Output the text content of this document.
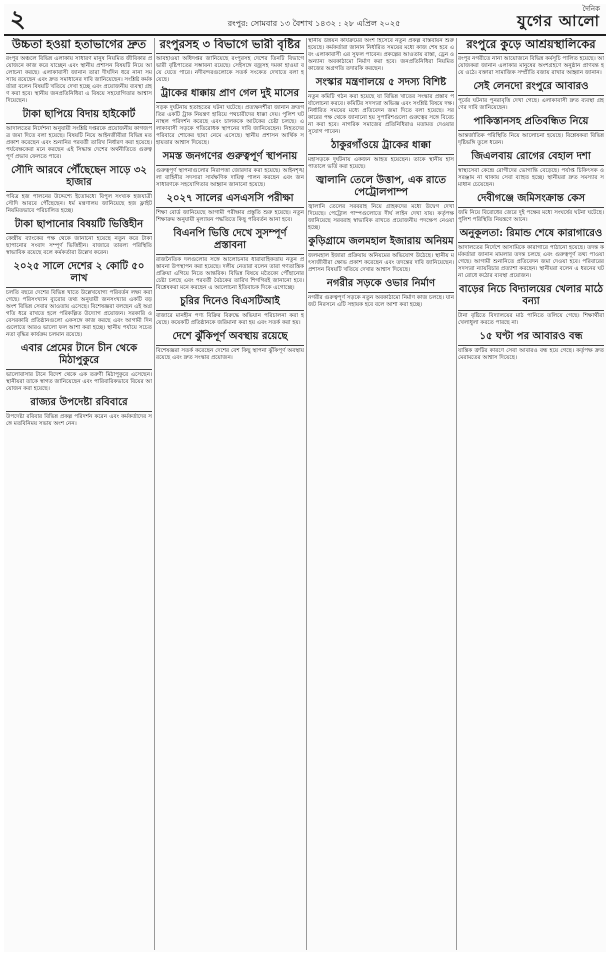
২	রংপুর: সোমবার ১৩ বৈশাখ ১৪৩২ : ২৮ এপ্রিল ২০২৫
দৈনিক
যুগের আলো
উচ্চতা হওয়া হতাভাগের দ্রুত
রংপুর অঞ্চলে বিভিন্ন এলাকায় সাধারণ মানুষ নিয়মিত জীবিকার প্রয়োজনে কাজ করে যাচ্ছেন এবং স্থানীয় প্রশাসন বিষয়টি নিয়ে আলোচনা করছে। এলাকাবাসী জানান তারা দীর্ঘদিন ধরে নানা সমস্যায় রয়েছেন এবং দ্রুত সমাধানের দাবি জানিয়েছেন। সংশ্লিষ্ট কর্মকর্তারা বলেন বিষয়টি খতিয়ে দেখা হচ্ছে এবং প্রয়োজনীয় ব্যবস্থা গ্রহণ করা হবে। স্থানীয় জনপ্রতিনিধিরা এ বিষয়ে সহযোগিতার আশ্বাস দিয়েছেন।
টাকা ছাপিয়ে বিদায় হাইকোর্ট
আদালতের নির্দেশনা অনুযায়ী সংশ্লিষ্ট দপ্তরকে প্রয়োজনীয় কাগজপত্র জমা দিতে বলা হয়েছে। বিষয়টি নিয়ে আইনজীবীরা বিভিন্ন মত প্রকাশ করেছেন এবং শুনানির পরবর্তী তারিখ নির্ধারণ করা হয়েছে। পর্যবেক্ষকেরা মনে করছেন এই সিদ্ধান্ত দেশের অর্থনীতিতে গুরুত্বপূর্ণ প্রভাব ফেলতে পারে।
সৌদি আরবে পৌঁছেছেন সাড়ে ৩২ হাজার
পবিত্র হজ পালনের উদ্দেশ্যে ইতোমধ্যে বিপুল সংখ্যক হজযাত্রী সৌদি আরবে পৌঁছেছেন। ধর্ম মন্ত্রণালয় জানিয়েছে হজ ফ্লাইট নিয়মিতভাবে পরিচালিত হচ্ছে।
টাকা ছাপানোর বিষয়টি ভিত্তিহীন
কেন্দ্রীয় ব্যাংকের পক্ষ থেকে জানানো হয়েছে নতুন করে টাকা ছাপানোর সংবাদ সম্পূর্ণ ভিত্তিহীন। বাজারে তারল্য পরিস্থিতি স্বাভাবিক রয়েছে বলে কর্মকর্তারা উল্লেখ করেন।
২০২৫ সালে দেশের ২ কোটি ৫০ লাখ
চলতি বছরে দেশের বিভিন্ন খাতে উল্লেখযোগ্য পরিবর্তন লক্ষ্য করা গেছে। পরিসংখ্যান ব্যুরোর তথ্য অনুযায়ী জনসংখ্যার একটি বড় অংশ বিভিন্ন সেবার আওতায় এসেছে। বিশেষজ্ঞরা বলছেন এই অগ্রগতি ধরে রাখতে হলে পরিকল্পিত উদ্যোগ প্রয়োজন। সরকারি ও বেসরকারি প্রতিষ্ঠানগুলো একসঙ্গে কাজ করছে এবং আগামী দিনগুলোতে আরও ভালো ফল আশা করা হচ্ছে। স্থানীয় পর্যায়ে সচেতনতা বৃদ্ধির কার্যক্রম চলমান রয়েছে।
এবার প্রেমের টানে চীন থেকে মিঠাপুকুরে
ভালোবাসার টানে বিদেশ থেকে এক তরুণী মিঠাপুকুরে এসেছেন। স্থানীয়রা তাকে স্বাগত জানিয়েছেন এবং পারিবারিকভাবে বিয়ের আয়োজন করা হয়েছে।
রাজ্যর উপদেষ্টা রবিবারে
উপদেষ্টা রবিবার বিভিন্ন প্রকল্প পরিদর্শন করেন এবং কর্মকর্তাদের সঙ্গে মতবিনিময় সভায় অংশ নেন।
রংপুরসহ ৩ বিভাগে ভারী বৃষ্টির
আবহাওয়া অধিদপ্তর জানিয়েছে রংপুরসহ দেশের তিনটি বিভাগে ভারী বৃষ্টিপাতের সম্ভাবনা রয়েছে। সেইসঙ্গে বজ্রসহ দমকা হাওয়া বয়ে যেতে পারে। নদীবন্দরগুলোকে সতর্ক সংকেত দেখাতে বলা হয়েছে।
ট্রাকের ধাক্কায় প্রাণ গেল দুই মাসের
সড়ক দুর্ঘটনায় হতাহতের ঘটনা ঘটেছে। প্রত্যক্ষদর্শীরা জানান দ্রুতগতির একটি ট্রাক নিয়ন্ত্রণ হারিয়ে পথচারীদের ধাক্কা দেয়। পুলিশ ঘটনাস্থল পরিদর্শন করেছে এবং চালককে আটকের চেষ্টা চলছে। এলাকাবাসী সড়কে গতিরোধক স্থাপনের দাবি জানিয়েছেন। নিহতদের পরিবারে শোকের ছায়া নেমে এসেছে। স্থানীয় প্রশাসন আর্থিক সহায়তার আশ্বাস দিয়েছে।
সমস্ত জনগণের গুরুত্বপূর্ণ স্থাপনায়
গুরুত্বপূর্ণ স্থাপনাগুলোর নিরাপত্তা জোরদার করা হয়েছে। আইনশৃঙ্খলা বাহিনীর সদস্যরা সার্বক্ষণিক দায়িত্ব পালন করছেন এবং জনসাধারণকে সহযোগিতার আহ্বান জানানো হয়েছে।
২০২৭ সালের এসএসসি পরীক্ষা
শিক্ষা বোর্ড জানিয়েছে আগামী পরীক্ষার প্রস্তুতি শুরু হয়েছে। নতুন শিক্ষাক্রম অনুযায়ী মূল্যায়ন পদ্ধতিতে কিছু পরিবর্তন আনা হবে।
বিএনপি ভিত্তি দেখে সুসম্পূর্ণ প্রস্তাবনা
রাজনৈতিক দলগুলোর সঙ্গে আলোচনার ধারাবাহিকতায় নতুন প্রস্তাবনা উপস্থাপন করা হয়েছে। দলীয় নেতারা বলেন তারা গণতান্ত্রিক প্রক্রিয়া এগিয়ে নিতে আন্তরিক। বিভিন্ন বিষয়ে মতৈক্যে পৌঁছানোর চেষ্টা চলছে এবং পরবর্তী বৈঠকের তারিখ শিগগিরই জানানো হবে। বিশ্লেষকরা মনে করছেন এ আলোচনা ইতিবাচক দিকে এগোচ্ছে।
চুরির দিনেও বিএসটিআই
বাজারে মানহীন পণ্য বিক্রির বিরুদ্ধে অভিযান পরিচালনা করা হয়েছে। কয়েকটি প্রতিষ্ঠানকে জরিমানা করা হয় এবং সতর্ক করা হয়।
দেশে ঝুঁকিপূর্ণ অবস্থায় রয়েছে
বিশেষজ্ঞরা সতর্ক করেছেন দেশের বেশ কিছু স্থাপনা ঝুঁকিপূর্ণ অবস্থায় রয়েছে এবং দ্রুত সংস্কার প্রয়োজন।
স্থানীয় উন্নয়ন কার্যক্রমের অংশ হিসেবে নতুন প্রকল্প বাস্তবায়ন শুরু হয়েছে। কর্মকর্তারা জানান নির্ধারিত সময়ের মধ্যে কাজ শেষ হবে এবং এলাকাবাসী এর সুফল পাবেন। প্রকল্পের আওতায় রাস্তা, ড্রেন ও অন্যান্য অবকাঠামো নির্মাণ করা হবে। জনপ্রতিনিধিরা নিয়মিত কাজের অগ্রগতি তদারকি করছেন।
সংস্কার মন্ত্রণালয়ে ৫ সদস্য বিশিষ্ট
নতুন কমিটি গঠন করা হয়েছে যা বিভিন্ন খাতের সংস্কার প্রস্তাব পর্যালোচনা করবে। কমিটির সদস্যরা অভিজ্ঞ এবং সংশ্লিষ্ট বিষয়ে দক্ষ। নির্ধারিত সময়ের মধ্যে প্রতিবেদন জমা দিতে বলা হয়েছে। সরকারের পক্ষ থেকে জানানো হয় সুপারিশগুলো গুরুত্বের সঙ্গে বিবেচনা করা হবে। নাগরিক সমাজের প্রতিনিধিরাও মতামত দেওয়ার সুযোগ পাবেন।
ঠাকুরগাঁওয়ে ট্রাকের ধাক্কা
মহাসড়কে দুর্ঘটনায় একজন আহত হয়েছেন। তাকে স্থানীয় হাসপাতালে ভর্তি করা হয়েছে।
জ্বালানি তেলে উত্তাপ, এক রাতে পেট্রোলপাম্প
জ্বালানি তেলের সরবরাহ নিয়ে গ্রাহকদের মধ্যে উদ্বেগ দেখা দিয়েছে। পেট্রোল পাম্পগুলোতে দীর্ঘ লাইন দেখা যায়। কর্তৃপক্ষ জানিয়েছে সরবরাহ স্বাভাবিক রাখতে প্রয়োজনীয় পদক্ষেপ নেওয়া হচ্ছে।
কুড়িগ্রামে জলমহাল ইজারায় অনিয়ম
জলমহাল ইজারা প্রক্রিয়ায় অনিয়মের অভিযোগ উঠেছে। স্থানীয় মৎস্যজীবীরা ক্ষোভ প্রকাশ করেছেন এবং তদন্তের দাবি জানিয়েছেন। প্রশাসন বিষয়টি খতিয়ে দেখার আশ্বাস দিয়েছে।
নগরীর সড়কে ওভার নির্মাণ
নগরীর গুরুত্বপূর্ণ সড়কে নতুন অবকাঠামো নির্মাণ কাজ চলছে। যানজট নিরসনে এটি সহায়ক হবে বলে আশা করা হচ্ছে।
রংপুরে কুড়ে আশ্রয়স্থালিকের
রংপুর নগরীতে নানা আয়োজনে বিভিন্ন কর্মসূচি পালিত হয়েছে। আয়োজকরা জানান এলাকার মানুষের অংশগ্রহণে অনুষ্ঠান প্রাণবন্ত হয়ে ওঠে। বক্তারা সামাজিক সম্প্রীতি বজায় রাখার আহ্বান জানান।
সেই লেনদো রংপুরে আবারও
পূর্বের ঘটনার পুনরাবৃত্তি দেখা গেছে। এলাকাবাসী দ্রুত ব্যবস্থা গ্রহণের দাবি জানিয়েছেন।
পাকিস্তানসহ প্রতিবন্ধিত নিয়ে
আন্তর্জাতিক পরিস্থিতি নিয়ে আলোচনা হয়েছে। বিশ্লেষকরা বিভিন্ন দৃষ্টিভঙ্গি তুলে ধরেন।
জিএলবায় রোগের বেহাল দশা
স্বাস্থ্যসেবা কেন্দ্রে রোগীদের ভোগান্তি বেড়েছে। পর্যাপ্ত চিকিৎসক ও সরঞ্জাম না থাকায় সেবা ব্যাহত হচ্ছে। স্থানীয়রা দ্রুত সমস্যার সমাধান চেয়েছেন।
দেবীগঞ্জে জমিসংক্রান্ত কেস
জমি নিয়ে বিরোধের জেরে দুই পক্ষের মধ্যে সংঘর্ষের ঘটনা ঘটেছে। পুলিশ পরিস্থিতি নিয়ন্ত্রণে আনে।
অনুকূলতা: রিমান্ড শেষে কারাগারেও
আদালতের নির্দেশে আসামিকে কারাগারে পাঠানো হয়েছে। তদন্ত কর্মকর্তারা জানান মামলার তদন্ত চলছে এবং গুরুত্বপূর্ণ তথ্য পাওয়া গেছে। আগামী শুনানিতে প্রতিবেদন জমা দেওয়া হবে। পরিবারের সদস্যরা ন্যায়বিচার প্রত্যাশা করছেন। স্থানীয়রা বলেন এ ধরনের ঘটনা রোধে কঠোর ব্যবস্থা প্রয়োজন।
বাড়ের নিচে বিদ্যালয়ের খেলার মাঠে বন্যা
টানা বৃষ্টিতে বিদ্যালয়ের মাঠ পানিতে তলিয়ে গেছে। শিক্ষার্থীরা খেলাধুলা করতে পারছে না।
১৫ ঘণ্টা পর আবারও বন্ধ
যান্ত্রিক ত্রুটির কারণে সেবা আবারও বন্ধ হয়ে গেছে। কর্তৃপক্ষ দ্রুত মেরামতের আশ্বাস দিয়েছে।
